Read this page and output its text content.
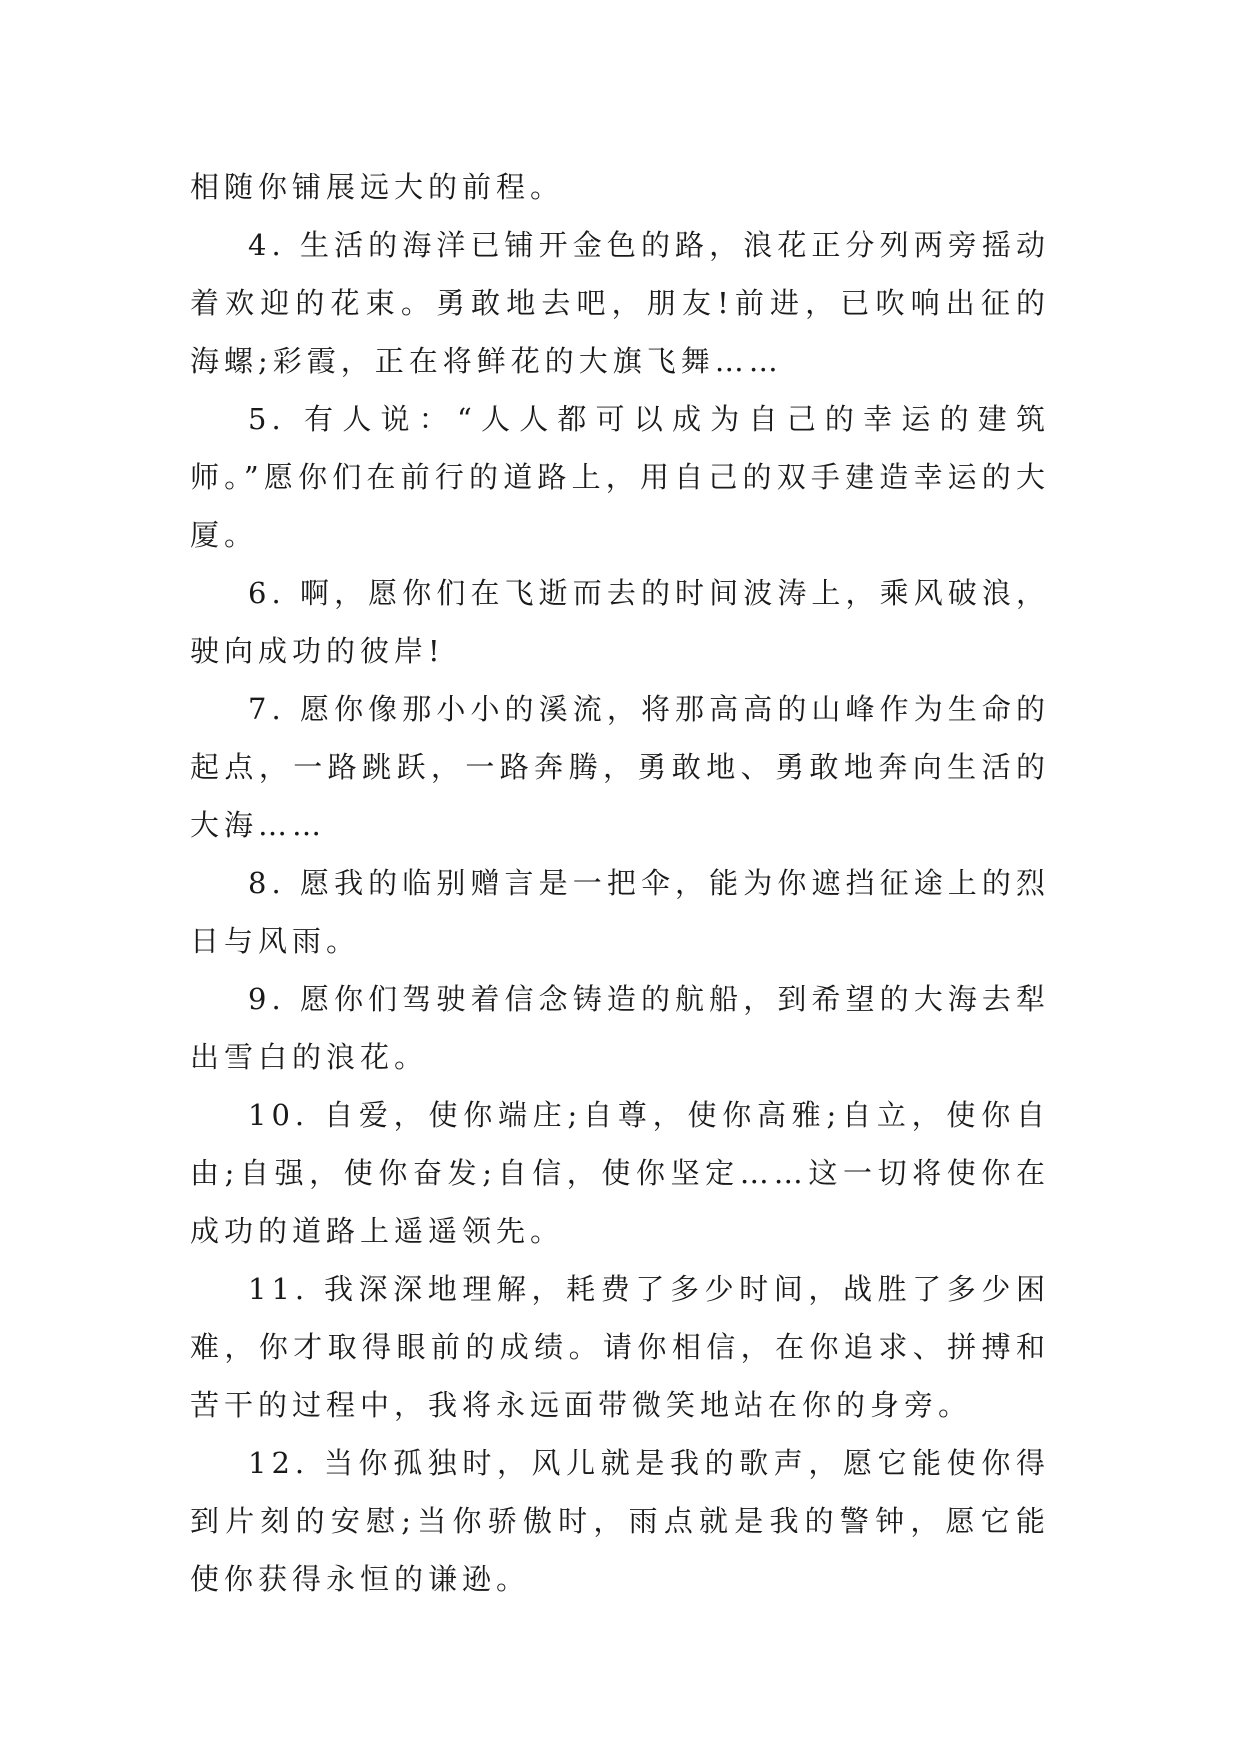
相随你铺展远大的前程。

4. 生活的海洋已铺开金色的路，浪花正分列两旁摇动着欢迎的花束。勇敢地去吧，朋友!前进，已吹响出征的海螺;彩霞，正在将鲜花的大旗飞舞……

5. 有人说：“人人都可以成为自己的幸运的建筑师。”愿你们在前行的道路上，用自己的双手建造幸运的大厦。

6. 啊，愿你们在飞逝而去的时间波涛上，乘风破浪，驶向成功的彼岸!

7. 愿你像那小小的溪流，将那高高的山峰作为生命的起点，一路跳跃，一路奔腾，勇敢地、勇敢地奔向生活的大海……

8. 愿我的临别赠言是一把伞，能为你遮挡征途上的烈日与风雨。

9. 愿你们驾驶着信念铸造的航船，到希望的大海去犁出雪白的浪花。

10. 自爱，使你端庄;自尊，使你高雅;自立，使你自由;自强，使你奋发;自信，使你坚定……这一切将使你在成功的道路上遥遥领先。

11. 我深深地理解，耗费了多少时间，战胜了多少困难，你才取得眼前的成绩。请你相信，在你追求、拼搏和苦干的过程中，我将永远面带微笑地站在你的身旁。

12. 当你孤独时，风儿就是我的歌声，愿它能使你得到片刻的安慰;当你骄傲时，雨点就是我的警钟，愿它能使你获得永恒的谦逊。
